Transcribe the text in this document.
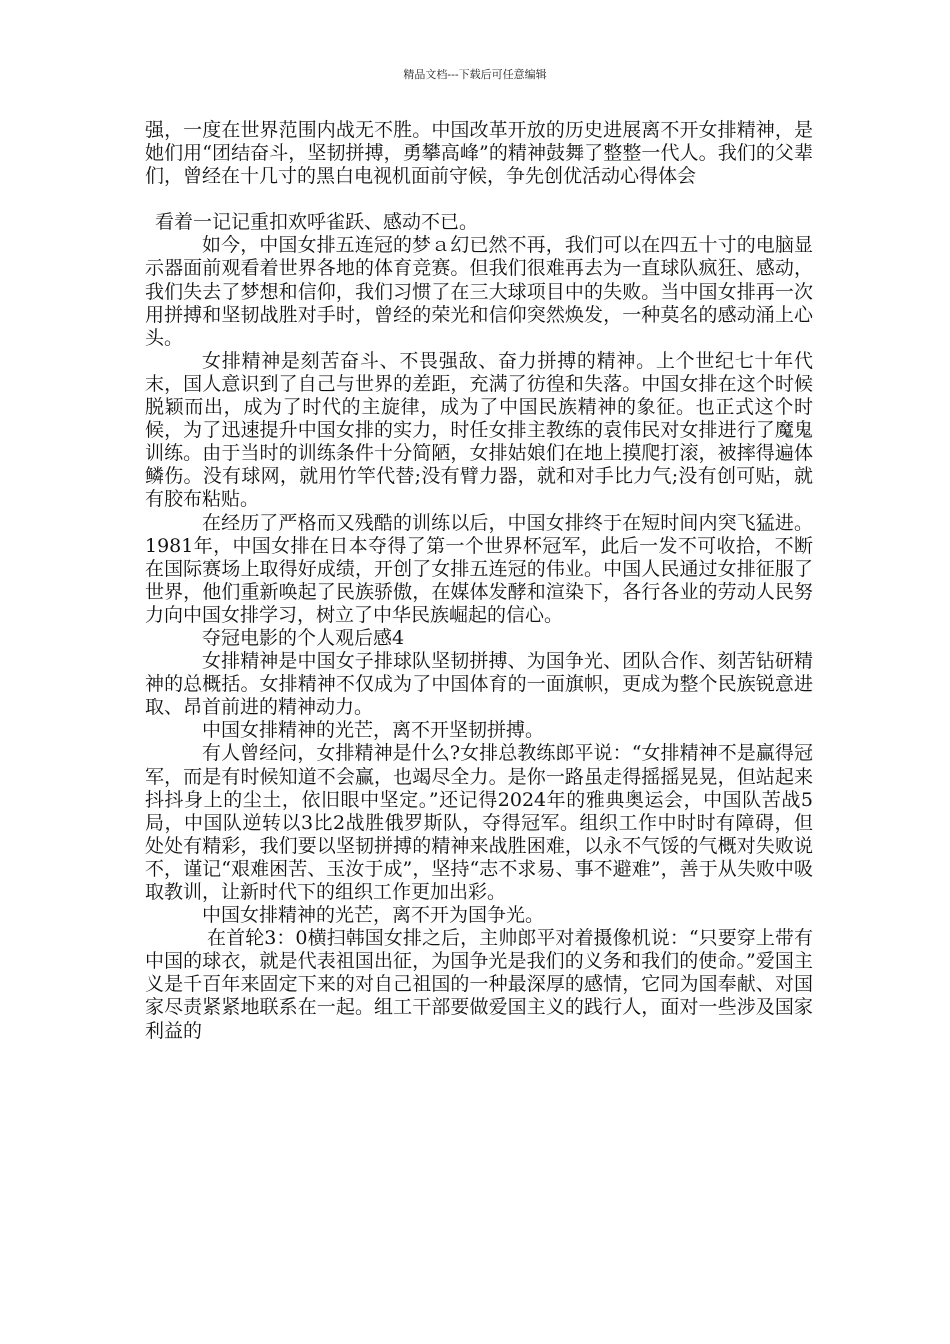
精品文档---下载后可任意编辑

强，一度在世界范围内战无不胜。中国改革开放的历史进展离不开女排精神，是她们用“团结奋斗，坚韧拼搏，勇攀高峰”的精神鼓舞了整整一代人。我们的父辈们，曾经在十几寸的黑白电视机面前守候，争先创优活动心得体会

看着一记记重扣欢呼雀跃、感动不已。

如今，中国女排五连冠的梦ａ幻已然不再，我们可以在四五十寸的电脑显示器面前观看着世界各地的体育竞赛。但我们很难再去为一直球队疯狂、感动，我们失去了梦想和信仰，我们习惯了在三大球项目中的失败。当中国女排再一次用拼搏和坚韧战胜对手时，曾经的荣光和信仰突然焕发，一种莫名的感动涌上心头。

女排精神是刻苦奋斗、不畏强敌、奋力拼搏的精神。上个世纪七十年代末，国人意识到了自己与世界的差距，充满了彷徨和失落。中国女排在这个时候脱颖而出，成为了时代的主旋律，成为了中国民族精神的象征。也正式这个时候，为了迅速提升中国女排的实力，时任女排主教练的袁伟民对女排进行了魔鬼训练。由于当时的训练条件十分简陋，女排姑娘们在地上摸爬打滚，被摔得遍体鳞伤。没有球网，就用竹竿代替;没有臂力器，就和对手比力气;没有创可贴，就有胶布粘贴。

在经历了严格而又残酷的训练以后，中国女排终于在短时间内突飞猛进。1981年，中国女排在日本夺得了第一个世界杯冠军，此后一发不可收拾，不断在国际赛场上取得好成绩，开创了女排五连冠的伟业。中国人民通过女排征服了世界，他们重新唤起了民族骄傲，在媒体发酵和渲染下，各行各业的劳动人民努力向中国女排学习，树立了中华民族崛起的信心。

夺冠电影的个人观后感4

女排精神是中国女子排球队坚韧拼搏、为国争光、团队合作、刻苦钻研精神的总概括。女排精神不仅成为了中国体育的一面旗帜，更成为整个民族锐意进取、昂首前进的精神动力。

中国女排精神的光芒，离不开坚韧拼搏。

有人曾经问，女排精神是什么?女排总教练郎平说：“女排精神不是赢得冠军，而是有时候知道不会赢，也竭尽全力。是你一路虽走得摇摇晃晃，但站起来抖抖身上的尘土，依旧眼中坚定。”还记得2024年的雅典奥运会，中国队苦战5局，中国队逆转以3比2战胜俄罗斯队，夺得冠军。组织工作中时时有障碍，但处处有精彩，我们要以坚韧拼搏的精神来战胜困难，以永不气馁的气概对失败说不，谨记“艰难困苦、玉汝于成”，坚持“志不求易、事不避难”，善于从失败中吸取教训，让新时代下的组织工作更加出彩。

中国女排精神的光芒，离不开为国争光。

在首轮3：0横扫韩国女排之后，主帅郎平对着摄像机说：“只要穿上带有中国的球衣，就是代表祖国出征，为国争光是我们的义务和我们的使命。”爱国主义是千百年来固定下来的对自己祖国的一种最深厚的感情，它同为国奉献、对国家尽责紧紧地联系在一起。组工干部要做爱国主义的践行人，面对一些涉及国家利益的
